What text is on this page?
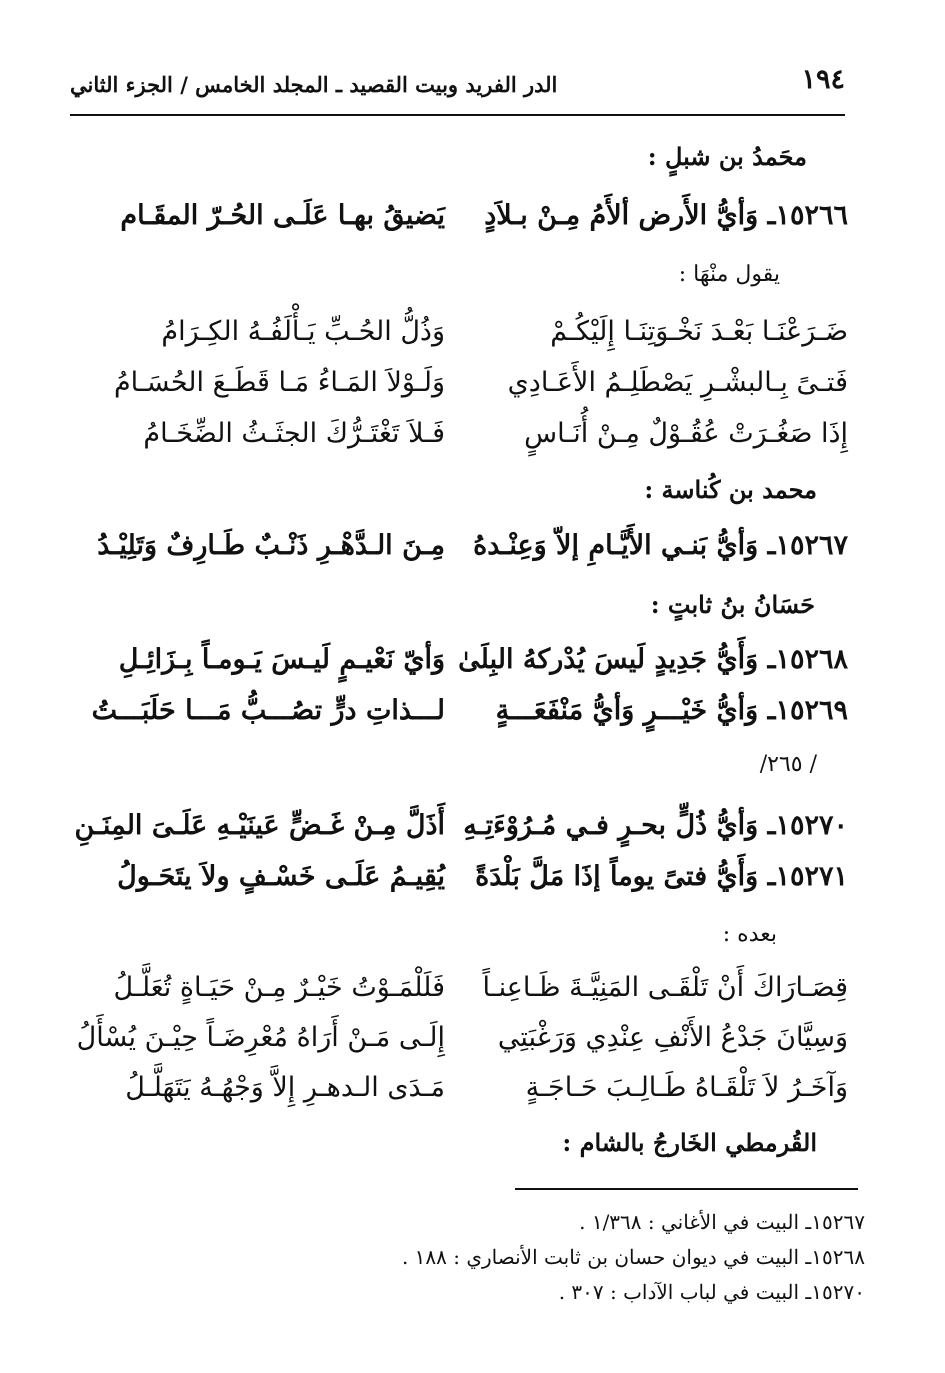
١٩٤
الدر الفريد وبيت القصيد ـ المجلد الخامس / الجزء الثاني
محَمدُ بن شبلٍ :
١٥٢٦٦ـ وَأيُّ الأَرض ألأَمُ مِـنْ بـلاَدٍ
يَضيقُ بهـا عَلَـى الحُـرّ المقَـام
يقول منْهَا :
ضَـرَعْنَـا بَعْـدَ نَخْـوَتِنَـا إِلَيْكُـمْ
وَذُلُّ الحُـبِّ يَـأْلَفُـهُ الكِـرَامُ
فَتـىً بِـالبشْـرِ يَصْطَلِـمُ الأَعَـادِي
وَلَـوْلاَ المَـاءُ مَـا قَطَـعَ الحُسَـامُ
إِذَا صَغُـرَتْ عُقُـوْلٌ مِـنْ أُنَـاسٍ
فَـلاَ تَغْتَـرُّكَ الجثَـثُ الضِّخَـامُ
محمد بن كُناسة :
١٥٢٦٧ـ وَأيُّ بَنـي الأَيَّـامِ إلاّ وَعِنْـدهُ
مِـنَ الـدَّهْـرِ ذَنْـبٌ طَـارِفٌ وَتَلِيْـدُ
حَسَانُ بنُ ثابتٍ :
١٥٢٦٨ـ وَأَيُّ جَدِيدٍ لَيسَ يُدْركهُ البِلَىٰ
وَأيّ نَعْيـمٍ لَيـسَ يَـومـاً بِـزَائِـلِ
١٥٢٦٩ـ وَأيُّ خَيْـــرٍ وَأيُّ مَنْفَعَـــةٍ
لـــذاتِ درٍّ تصُـــبُّ مَـــا حَلَبَـــتُ
/ ٢٦٥/
١٥٢٧٠ـ وَأيُّ ذُلٍّ بحـرٍ فـي مُـرُوْءَتِـهِ
أَذَلَّ مِـنْ غَـضٍّ عَينَيْـهِ عَلَـىَ المِنَـنِ
١٥٢٧١ـ وَأَيُّ فتىً يوماً إذَا مَلَّ بَلْدَةً
يُقِيـمُ عَلَـى خَسْـفٍ ولاَ يتَحَـولُ
بعده :
قِصَـارَاكَ أَنْ تَلْقَـى المَنِيَّـةَ ظَـاعِنـاً
فَلَلْمَـوْتُ خَيْـرٌ مِـنْ حَيَـاةٍ تُعَلَّـلُ
وَسِيَّانَ جَدْعُ الأَنْفِ عِنْدِي وَرَغْبَتِي
إِلَـى مَـنْ أَرَاهُ مُعْرِضَـاً حِيْـنَ يُسْأَلُ
وَآخَـرُ لاَ تَلْقَـاهُ طَـالِـبَ حَـاجَـةٍ
مَـدَى الـدهـرِ إِلاَّ وَجْهُـهُ يَتَهَلَّـلُ
القُرمطي الخَارجُ بالشام :
١٥٢٦٧ـ البيت في الأغاني : ١/٣٦٨ .
١٥٢٦٨ـ البيت في ديوان حسان بن ثابت الأنصاري : ١٨٨ .
١٥٢٧٠ـ البيت في لباب الآداب : ٣٠٧ .
